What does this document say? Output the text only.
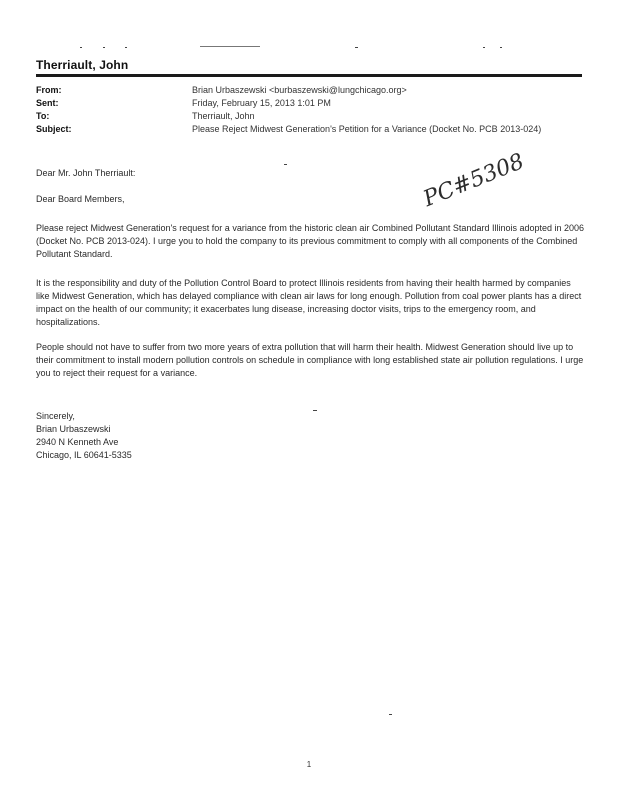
Therriault, John
From:	Brian Urbaszewski <burbaszewski@lungchicago.org>
Sent:	Friday, February 15, 2013 1:01 PM
To:	Therriault, John
Subject:	Please Reject Midwest Generation's Petition for a Variance (Docket No. PCB 2013-024)
PC#5308

Dear Mr. John Therriault:

Dear Board Members,

Please reject Midwest Generation's request for a variance from the historic clean air Combined Pollutant Standard Illinois adopted in 2006 (Docket No. PCB 2013-024). I urge you to hold the company to its previous commitment to comply with all components of the Combined Pollutant Standard.

It is the responsibility and duty of the Pollution Control Board to protect Illinois residents from having their health harmed by companies like Midwest Generation, which has delayed compliance with clean air laws for long enough. Pollution from coal power plants has a direct impact on the health of our community; it exacerbates lung disease, increasing doctor visits, trips to the emergency room, and hospitalizations.

People should not have to suffer from two more years of extra pollution that will harm their health. Midwest Generation should live up to their commitment to install modern pollution controls on schedule in compliance with long established state air pollution regulations. I urge you to reject their request for a variance.

Sincerely,

Brian Urbaszewski

2940 N Kenneth Ave

Chicago, IL 60641-5335

1
